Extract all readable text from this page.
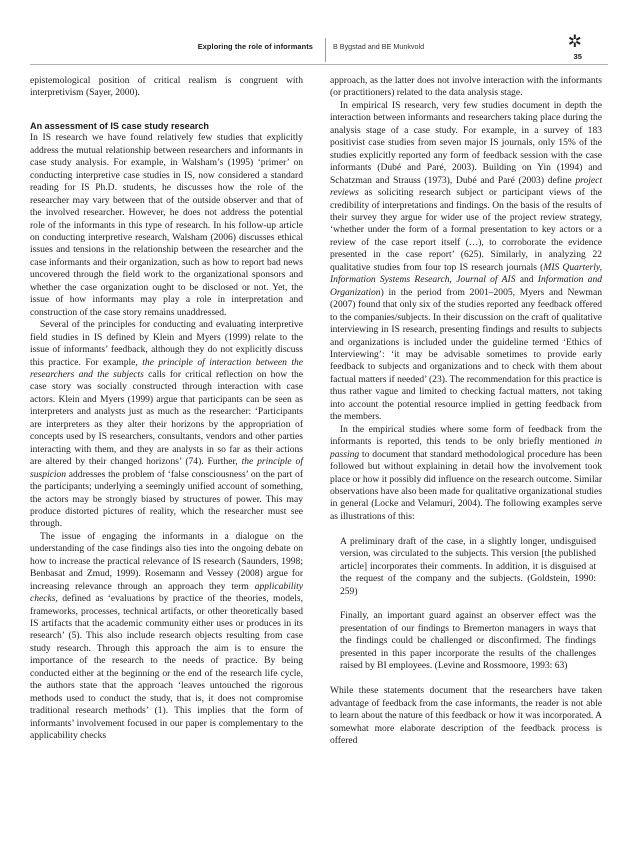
Exploring the role of informants	B Bygstad and BE Munkvold	✲
35

epistemological position of critical realism is congruent with interpretivism (Sayer, 2000).

An assessment of IS case study research

In IS research we have found relatively few studies that explicitly address the mutual relationship between researchers and informants in case study analysis. For example, in Walsham’s (1995) ‘primer’ on conducting interpretive case studies in IS, now considered a standard reading for IS Ph.D. students, he discusses how the role of the researcher may vary between that of the outside observer and that of the involved researcher. However, he does not address the potential role of the informants in this type of research. In his follow-up article on conducting interpretive research, Walsham (2006) discusses ethical issues and tensions in the relationship between the researcher and the case informants and their organization, such as how to report bad news uncovered through the field work to the organizational sponsors and whether the case organization ought to be disclosed or not. Yet, the issue of how informants may play a role in interpretation and construction of the case story remains unaddressed.

Several of the principles for conducting and evaluating interpretive field studies in IS defined by Klein and Myers (1999) relate to the issue of informants’ feedback, although they do not explicitly discuss this practice. For example, the principle of interaction between the researchers and the subjects calls for critical reflection on how the case story was socially constructed through interaction with case actors. Klein and Myers (1999) argue that participants can be seen as interpreters and analysts just as much as the researcher: ‘Participants are interpreters as they alter their horizons by the appropriation of concepts used by IS researchers, consultants, vendors and other parties interacting with them, and they are analysts in so far as their actions are altered by their changed horizons’ (74). Further, the principle of suspicion addresses the problem of ‘false consciousness’ on the part of the participants; underlying a seemingly unified account of something, the actors may be strongly biased by structures of power. This may produce distorted pictures of reality, which the researcher must see through.

The issue of engaging the informants in a dialogue on the understanding of the case findings also ties into the ongoing debate on how to increase the practical relevance of IS research (Saunders, 1998; Benbasat and Zmud, 1999). Rosemann and Vessey (2008) argue for increasing relevance through an approach they term applicability checks, defined as ‘evaluations by practice of the theories, models, frameworks, processes, technical artifacts, or other theoretically based IS artifacts that the academic community either uses or produces in its research’ (5). This also include research objects resulting from case study research. Through this approach the aim is to ensure the importance of the research to the needs of practice. By being conducted either at the beginning or the end of the research life cycle, the authors state that the approach ‘leaves untouched the rigorous methods used to conduct the study, that is, it does not compromise traditional research methods’ (1). This implies that the form of informants’ involvement focused in our paper is complementary to the applicability checks

approach, as the latter does not involve interaction with the informants (or practitioners) related to the data analysis stage.

In empirical IS research, very few studies document in depth the interaction between informants and researchers taking place during the analysis stage of a case study. For example, in a survey of 183 positivist case studies from seven major IS journals, only 15% of the studies explicitly reported any form of feedback session with the case informants (Dubé and Paré, 2003). Building on Yin (1994) and Schatzman and Strauss (1973), Dubé and Paré (2003) define project reviews as soliciting research subject or participant views of the credibility of interpretations and findings. On the basis of the results of their survey they argue for wider use of the project review strategy, ‘whether under the form of a formal presentation to key actors or a review of the case report itself (…), to corroborate the evidence presented in the case report’ (625). Similarly, in analyzing 22 qualitative studies from four top IS research journals (MIS Quarterly, Information Systems Research, Journal of AIS and Information and Organization) in the period from 2001–2005, Myers and Newman (2007) found that only six of the studies reported any feedback offered to the companies/subjects. In their discussion on the craft of qualitative interviewing in IS research, presenting findings and results to subjects and organizations is included under the guideline termed ‘Ethics of Interviewing’: ‘it may be advisable sometimes to provide early feedback to subjects and organizations and to check with them about factual matters if needed’ (23). The recommendation for this practice is thus rather vague and limited to checking factual matters, not taking into account the potential resource implied in getting feedback from the members.

In the empirical studies where some form of feedback from the informants is reported, this tends to be only briefly mentioned in passing to document that standard methodological procedure has been followed but without explaining in detail how the involvement took place or how it possibly did influence on the research outcome. Similar observations have also been made for qualitative organizational studies in general (Locke and Velamuri, 2004). The following examples serve as illustrations of this:

A preliminary draft of the case, in a slightly longer, undisguised version, was circulated to the subjects. This version [the published article] incorporates their comments. In addition, it is disguised at the request of the company and the subjects. (Goldstein, 1990: 259)

Finally, an important guard against an observer effect was the presentation of our findings to Bremerton managers in ways that the findings could be challenged or disconfirmed. The findings presented in this paper incorporate the results of the challenges raised by BI employees. (Levine and Rossmoore, 1993: 63)

While these statements document that the researchers have taken advantage of feedback from the case informants, the reader is not able to learn about the nature of this feedback or how it was incorporated. A somewhat more elaborate description of the feedback process is offered
